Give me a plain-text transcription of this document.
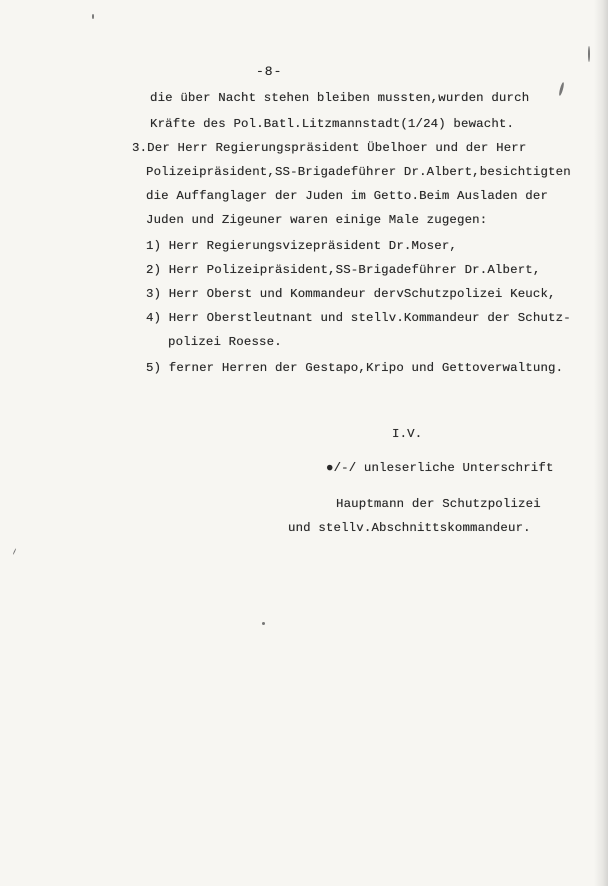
-8-
die über Nacht stehen bleiben mussten,wurden durch
Kräfte des Pol.Batl.Litzmannstadt(1/24) bewacht.
3.Der Herr Regierungspräsident Übelhoer und der Herr
Polizeipräsident,SS-Brigadeführer Dr.Albert,besichtigten
die Auffanglager der Juden im Getto.Beim Ausladen der
Juden und Zigeuner waren einige Male zugegen:
1) Herr Regierungsvizepräsident Dr.Moser,
2) Herr Polizeipräsident,SS-Brigadeführer Dr.Albert,
3) Herr Oberst und Kommandeur dervSchutzpolizei Keuck,
4) Herr Oberstleutnant und stellv.Kommandeur der Schutz-
polizei Roesse.
5) ferner Herren der Gestapo,Kripo und Gettoverwaltung.
I.V.
●/-/ unleserliche Unterschrift
Hauptmann der Schutzpolizei
und stellv.Abschnittskommandeur.
